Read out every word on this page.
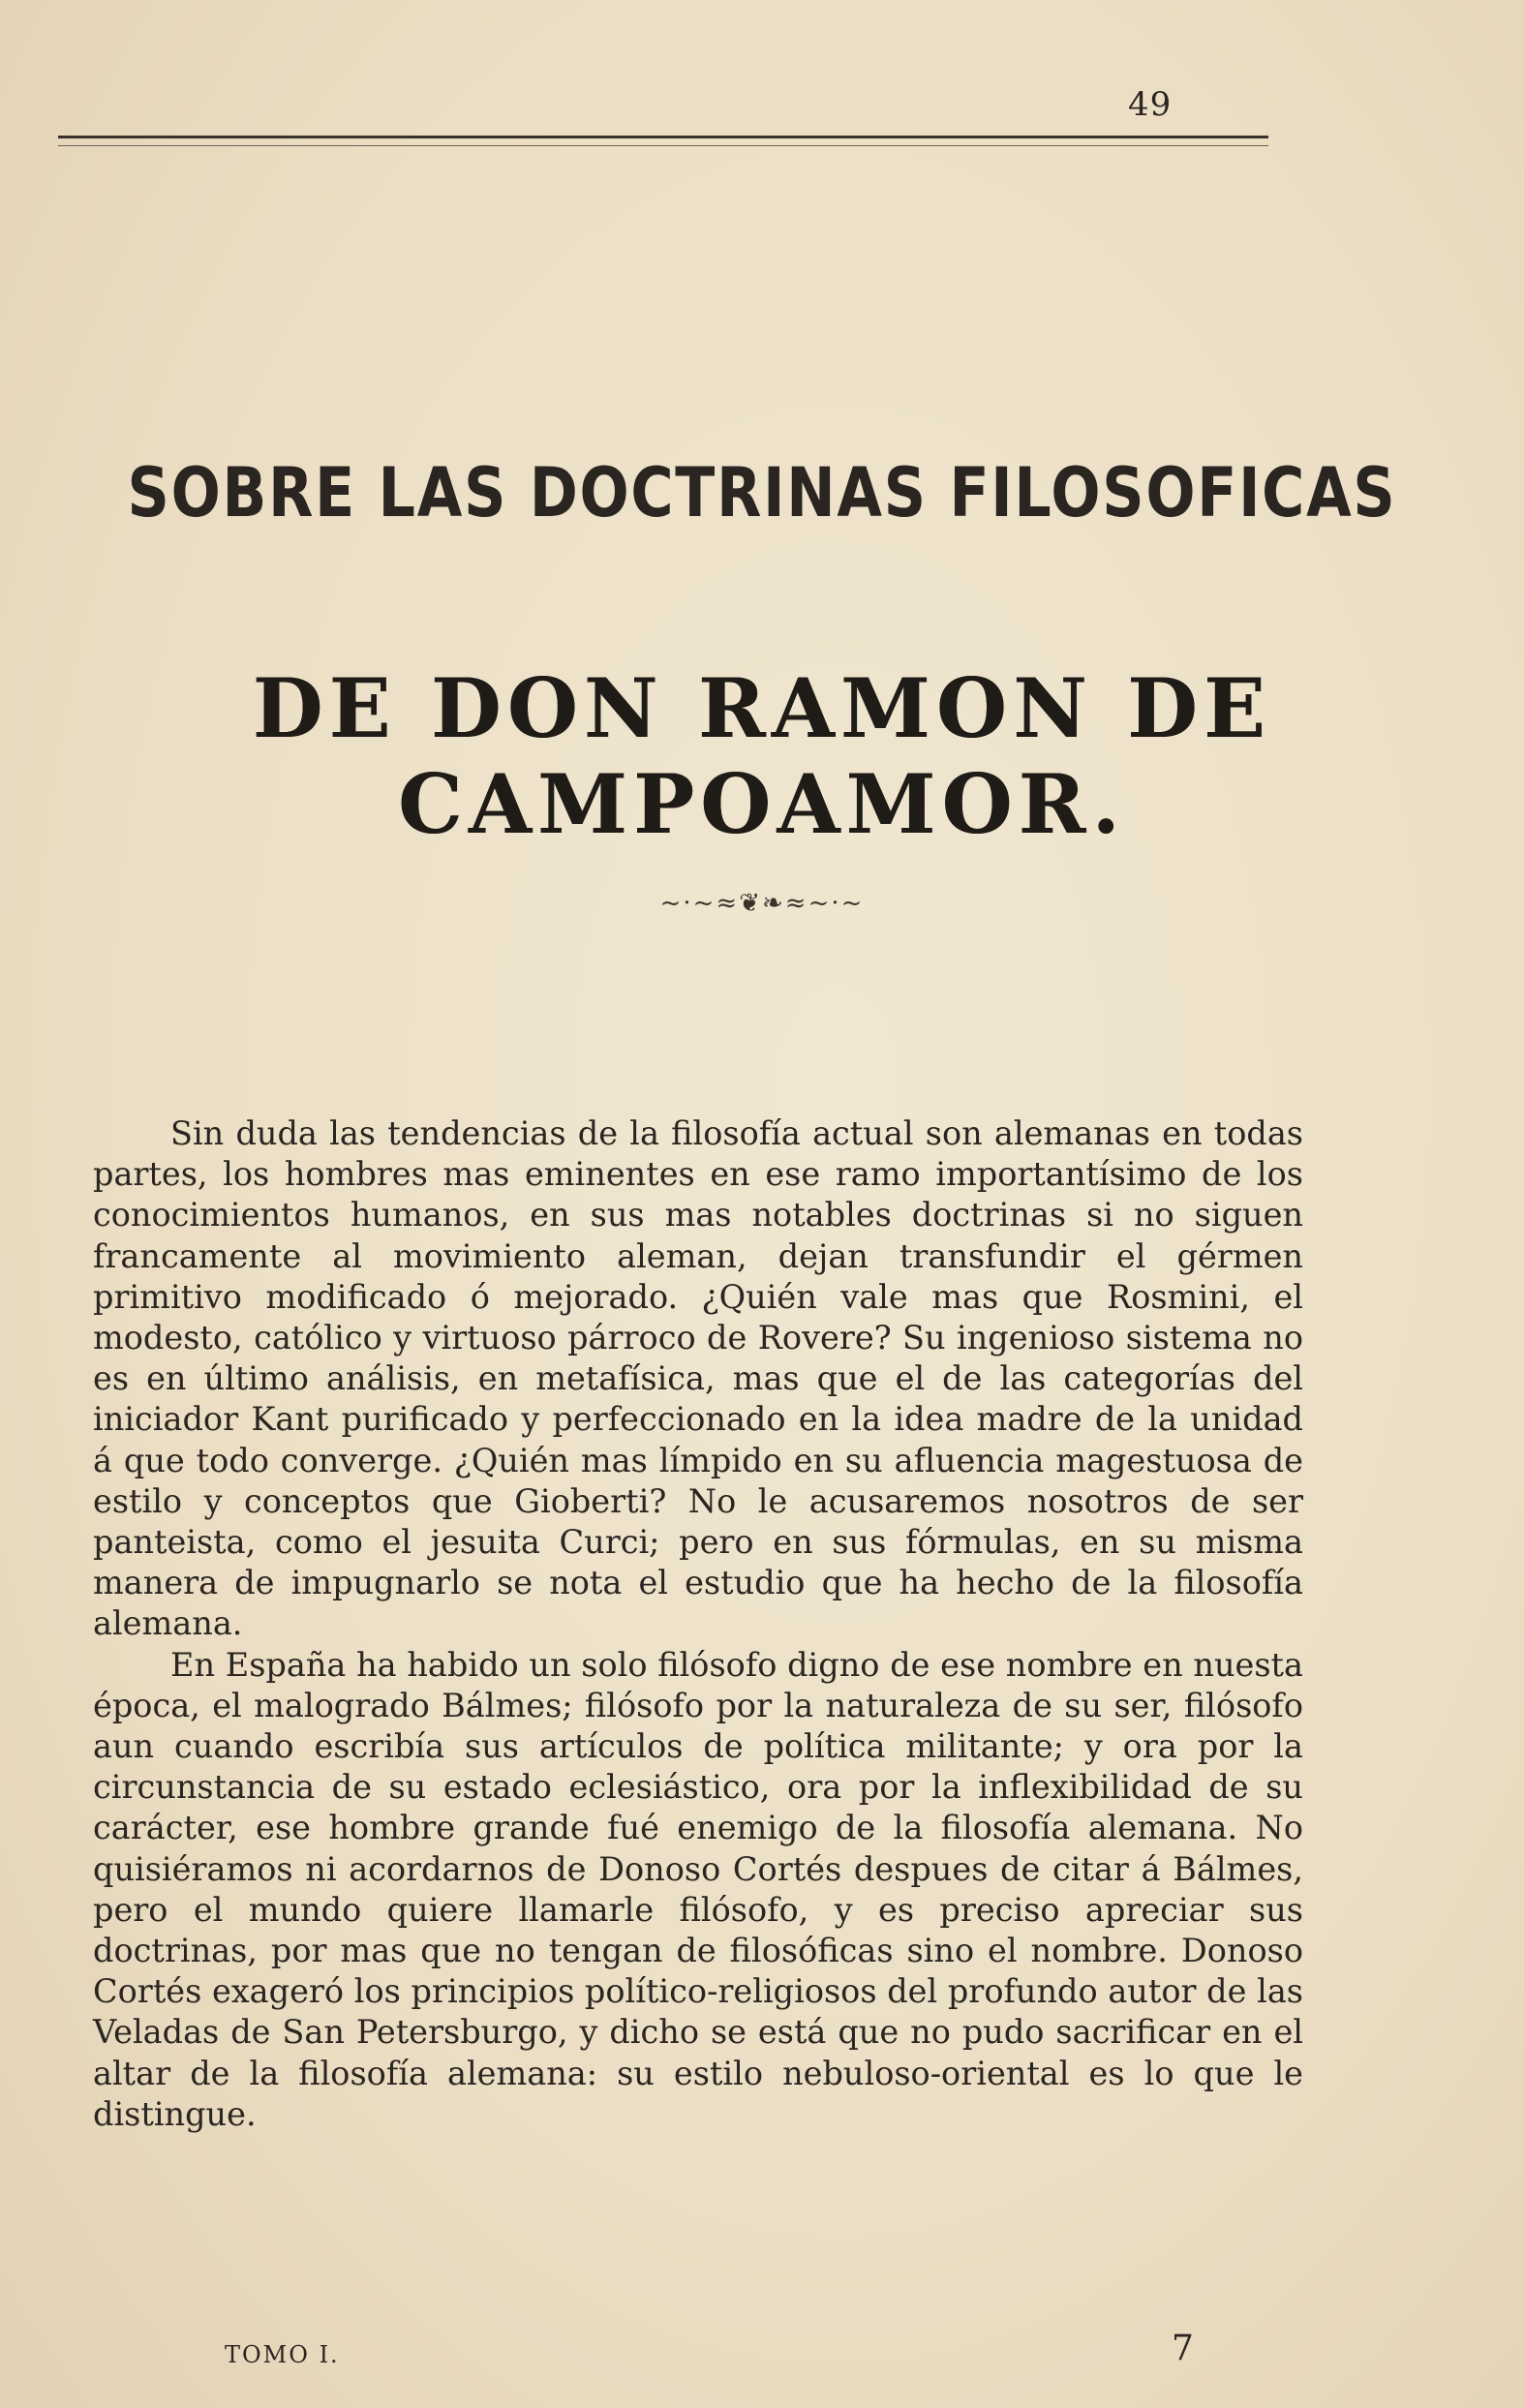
49
SOBRE LAS DOCTRINAS FILOSOFICAS
DE DON RAMON DE CAMPOAMOR.
~·~≈❦❧≈~·~

Sin duda las tendencias de la filosofía actual son alemanas en todas partes, los hombres mas eminentes en ese ramo importantísimo de los conocimientos humanos, en sus mas notables doctrinas si no siguen francamente al movimiento aleman, dejan transfundir el gérmen primitivo modificado ó mejorado. ¿Quién vale mas que Rosmini, el modesto, católico y virtuoso párroco de Rovere? Su ingenioso sistema no es en último análisis, en metafísica, mas que el de las categorías del iniciador Kant purificado y perfeccionado en la idea madre de la unidad á que todo converge. ¿Quién mas límpido en su afluencia magestuosa de estilo y conceptos que Gioberti? No le acusaremos nosotros de ser panteista, como el jesuita Curci; pero en sus fórmulas, en su misma manera de impugnarlo se nota el estudio que ha hecho de la filosofía alemana.

En España ha habido un solo filósofo digno de ese nombre en nuesta época, el malogrado Bálmes; filósofo por la naturaleza de su ser, filósofo aun cuando escribía sus artículos de política militante; y ora por la circunstancia de su estado eclesiástico, ora por la inflexibilidad de su carácter, ese hombre grande fué enemigo de la filosofía alemana. No quisiéramos ni acordarnos de Donoso Cortés despues de citar á Bálmes, pero el mundo quiere llamarle filósofo, y es preciso apreciar sus doctrinas, por mas que no tengan de filosóficas sino el nombre. Donoso Cortés exageró los principios político-religiosos del profundo autor de las Veladas de San Petersburgo, y dicho se está que no pudo sacrificar en el altar de la filosofía alemana: su estilo nebuloso-oriental es lo que le distingue.

TOMO I.	7
